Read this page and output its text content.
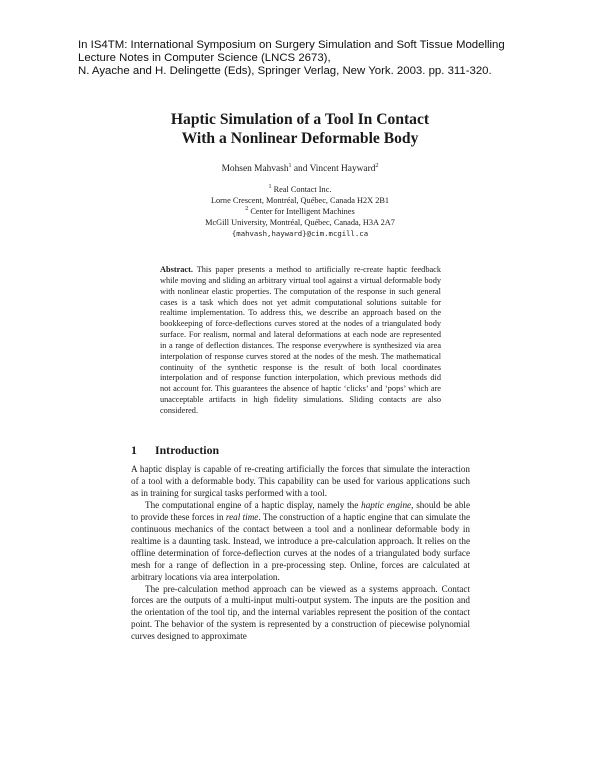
In IS4TM: International Symposium on Surgery Simulation and Soft Tissue Modelling
Lecture Notes in Computer Science (LNCS 2673),
N. Ayache and H. Delingette (Eds), Springer Verlag, New York. 2003. pp. 311-320.
Haptic Simulation of a Tool In Contact
With a Nonlinear Deformable Body
Mohsen Mahvash$^1$ and Vincent Hayward$^2$
$^1$ Real Contact Inc.
Lorne Crescent, Montréal, Québec, Canada H2X 2B1
$^2$ Center for Intelligent Machines
McGill University, Montréal, Québec, Canada, H3A 2A7
{mahvash,hayward}@cim.mcgill.ca
Abstract. This paper presents a method to artificially re-create haptic feedback while moving and sliding an arbitrary virtual tool against a virtual deformable body with nonlinear elastic properties. The computation of the response in such general cases is a task which does not yet admit computational solutions suitable for realtime implementation. To address this, we describe an approach based on the bookkeeping of force-deflections curves stored at the nodes of a triangulated body surface. For realism, normal and lateral deformations at each node are represented in a range of deflection distances. The response everywhere is synthesized via area interpolation of response curves stored at the nodes of the mesh. The mathematical continuity of the synthetic response is the result of both local coordinates interpolation and of response function interpolation, which previous methods did not account for. This guarantees the absence of haptic ‘clicks’ and ‘pops’ which are unacceptable artifacts in high fidelity simulations. Sliding contacts are also considered.
1 Introduction

A haptic display is capable of re-creating artificially the forces that simulate the interaction of a tool with a deformable body. This capability can be used for various applications such as in training for surgical tasks performed with a tool.

The computational engine of a haptic display, namely the haptic engine, should be able to provide these forces in real time. The construction of a haptic engine that can simulate the continuous mechanics of the contact between a tool and a nonlinear deformable body in realtime is a daunting task. Instead, we introduce a pre-calculation approach. It relies on the offline determination of force-deflection curves at the nodes of a triangulated body surface mesh for a range of deflection in a pre-processing step. Online, forces are calculated at arbitrary locations via area interpolation.

The pre-calculation method approach can be viewed as a systems approach. Contact forces are the outputs of a multi-input multi-output system. The inputs are the position and the orientation of the tool tip, and the internal variables represent the position of the contact point. The behavior of the system is represented by a construction of piecewise polynomial curves designed to approximate
